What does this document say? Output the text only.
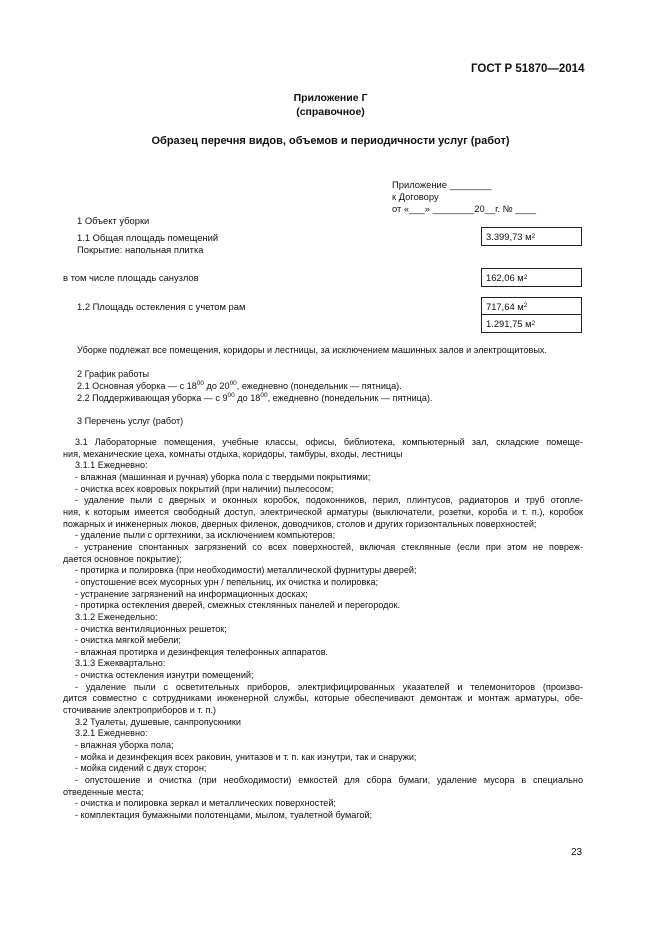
ГОСТ Р 51870—2014
Приложение Г
(справочное)
Образец перечня видов, объемов и периодичности услуг (работ)
Приложение ________
к Договору
от «___» ________20__г. № ____
1 Объект уборки
1.1 Общая площадь помещений
Покрытие: напольная плитка
3.399,73 м 2
в том числе площадь санузлов	162,06 м 2
1.2 Площадь остекления с учетом рам	717,64 м 2
1.291,75 м 2
Уборке подлежат все помещения, коридоры и лестницы, за исключением машинных залов и электрощитовых.
2 График работы
2.1 Основная уборка — с $18^{00}$ до $20^{00}$, ежедневно (понедельник — пятница).
2.2 Поддерживающая уборка — с $9^{00}$ до $18^{00}$, ежедневно (понедельник — пятница).
3 Перечень услуг (работ)
3.1 Лабораторные помещения, учебные классы, офисы, библиотека, компьютерный зал, складские помеще-
ния, механические цеха, комнаты отдыха, коридоры, тамбуры, входы, лестницы
3.1.1 Ежедневно:
- влажная (машинная и ручная) уборка пола с твердыми покрытиями;
- очистка всех ковровых покрытий (при наличии) пылесосом;
- удаление пыли с дверных и оконных коробок, подоконников, перил, плинтусов, радиаторов и труб отопле-
ния, к которым имеется свободный доступ, электрической арматуры (выключатели, розетки, короба и т. п.), коробок
пожарных и инженерных люков, дверных филенок, доводчиков, столов и других горизонтальных поверхностей;
- удаление пыли с оргтехники, за исключением компьютеров;
- устранение спонтанных загрязнений со всех поверхностей, включая стеклянные (если при этом не повреж-
дается основное покрытие);
- протирка и полировка (при необходимости) металлической фурнитуры дверей;
- опустошение всех мусорных урн / пепельниц, их очистка и полировка;
- устранение загрязнений на информационных досках;
- протирка остекления дверей, смежных стеклянных панелей и перегородок.
3.1.2 Еженедельно:
- очистка вентиляционных решеток;
- очистка мягкой мебели;
- влажная протирка и дезинфекция телефонных аппаратов.
3.1.3 Ежеквартально:
- очистка остекления изнутри помещений;
- удаление пыли с осветительных приборов, электрифицированных указателей и телемониторов (произво-
дится совместно с сотрудниками инженерной службы, которые обеспечивают демонтаж и монтаж арматуры, обе-
сточивание электроприборов и т. п.)
3.2 Туалеты, душевые, санпропускники
3.2.1 Ежедневно:
- влажная уборка пола;
- мойка и дезинфекция всех раковин, унитазов и т. п. как изнутри, так и снаружи;
- мойка сидений с двух сторон;
- опустошение и очистка (при необходимости) емкостей для сбора бумаги, удаление мусора в специально
отведенные места;
- очистка и полировка зеркал и металлических поверхностей;
- комплектация бумажными полотенцами, мылом, туалетной бумагой;
23
